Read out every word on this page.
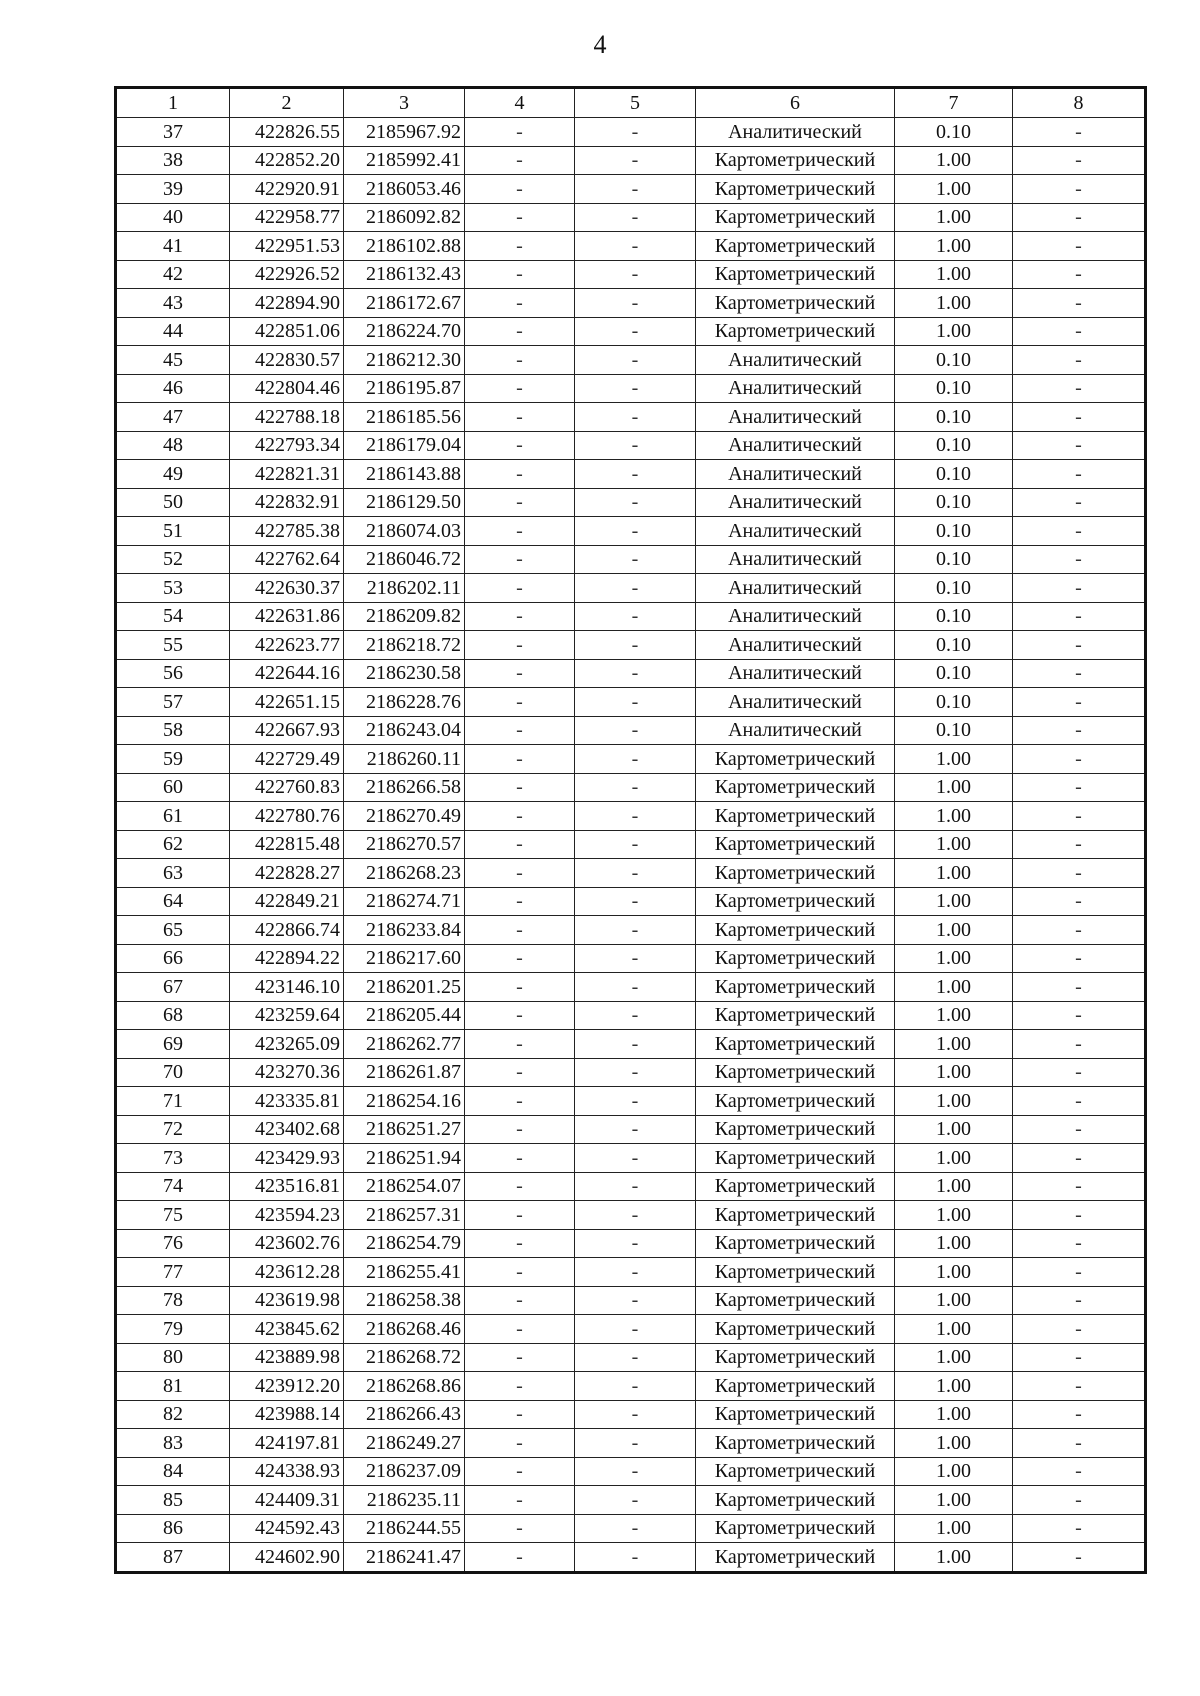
4
1	2	3	4	5	6	7	8
37	422826.55	2185967.92	-	-	Аналитический	0.10	-
38	422852.20	2185992.41	-	-	Картометрический	1.00	-
39	422920.91	2186053.46	-	-	Картометрический	1.00	-
40	422958.77	2186092.82	-	-	Картометрический	1.00	-
41	422951.53	2186102.88	-	-	Картометрический	1.00	-
42	422926.52	2186132.43	-	-	Картометрический	1.00	-
43	422894.90	2186172.67	-	-	Картометрический	1.00	-
44	422851.06	2186224.70	-	-	Картометрический	1.00	-
45	422830.57	2186212.30	-	-	Аналитический	0.10	-
46	422804.46	2186195.87	-	-	Аналитический	0.10	-
47	422788.18	2186185.56	-	-	Аналитический	0.10	-
48	422793.34	2186179.04	-	-	Аналитический	0.10	-
49	422821.31	2186143.88	-	-	Аналитический	0.10	-
50	422832.91	2186129.50	-	-	Аналитический	0.10	-
51	422785.38	2186074.03	-	-	Аналитический	0.10	-
52	422762.64	2186046.72	-	-	Аналитический	0.10	-
53	422630.37	2186202.11	-	-	Аналитический	0.10	-
54	422631.86	2186209.82	-	-	Аналитический	0.10	-
55	422623.77	2186218.72	-	-	Аналитический	0.10	-
56	422644.16	2186230.58	-	-	Аналитический	0.10	-
57	422651.15	2186228.76	-	-	Аналитический	0.10	-
58	422667.93	2186243.04	-	-	Аналитический	0.10	-
59	422729.49	2186260.11	-	-	Картометрический	1.00	-
60	422760.83	2186266.58	-	-	Картометрический	1.00	-
61	422780.76	2186270.49	-	-	Картометрический	1.00	-
62	422815.48	2186270.57	-	-	Картометрический	1.00	-
63	422828.27	2186268.23	-	-	Картометрический	1.00	-
64	422849.21	2186274.71	-	-	Картометрический	1.00	-
65	422866.74	2186233.84	-	-	Картометрический	1.00	-
66	422894.22	2186217.60	-	-	Картометрический	1.00	-
67	423146.10	2186201.25	-	-	Картометрический	1.00	-
68	423259.64	2186205.44	-	-	Картометрический	1.00	-
69	423265.09	2186262.77	-	-	Картометрический	1.00	-
70	423270.36	2186261.87	-	-	Картометрический	1.00	-
71	423335.81	2186254.16	-	-	Картометрический	1.00	-
72	423402.68	2186251.27	-	-	Картометрический	1.00	-
73	423429.93	2186251.94	-	-	Картометрический	1.00	-
74	423516.81	2186254.07	-	-	Картометрический	1.00	-
75	423594.23	2186257.31	-	-	Картометрический	1.00	-
76	423602.76	2186254.79	-	-	Картометрический	1.00	-
77	423612.28	2186255.41	-	-	Картометрический	1.00	-
78	423619.98	2186258.38	-	-	Картометрический	1.00	-
79	423845.62	2186268.46	-	-	Картометрический	1.00	-
80	423889.98	2186268.72	-	-	Картометрический	1.00	-
81	423912.20	2186268.86	-	-	Картометрический	1.00	-
82	423988.14	2186266.43	-	-	Картометрический	1.00	-
83	424197.81	2186249.27	-	-	Картометрический	1.00	-
84	424338.93	2186237.09	-	-	Картометрический	1.00	-
85	424409.31	2186235.11	-	-	Картометрический	1.00	-
86	424592.43	2186244.55	-	-	Картометрический	1.00	-
87	424602.90	2186241.47	-	-	Картометрический	1.00	-
